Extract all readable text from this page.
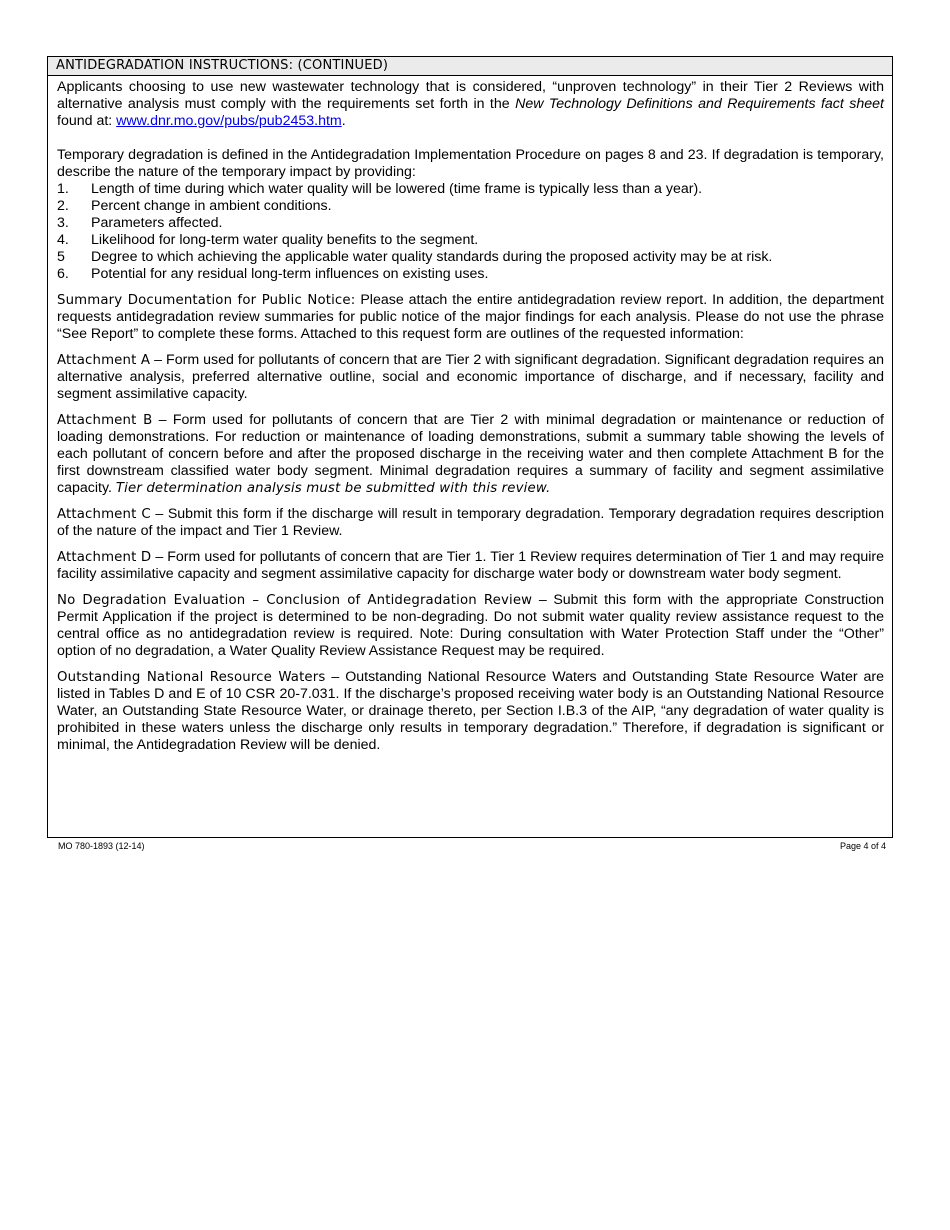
ANTIDEGRADATION INSTRUCTIONS: (CONTINUED)

Applicants choosing to use new wastewater technology that is considered, “unproven technology” in their Tier 2 Reviews with alternative analysis must comply with the requirements set forth in the New Technology Definitions and Requirements fact sheet found at: www.dnr.mo.gov/pubs/pub2453.htm.

Temporary degradation is defined in the Antidegradation Implementation Procedure on pages 8 and 23. If degradation is temporary, describe the nature of the temporary impact by providing:

1.	Length of time during which water quality will be lowered (time frame is typically less than a year).
2.	Percent change in ambient conditions.
3.	Parameters affected.
4.	Likelihood for long-term water quality benefits to the segment.
5	Degree to which achieving the applicable water quality standards during the proposed activity may be at risk.
6.	Potential for any residual long-term influences on existing uses.

Summary Documentation for Public Notice: Please attach the entire antidegradation review report. In addition, the department requests antidegradation review summaries for public notice of the major findings for each analysis. Please do not use the phrase “See Report” to complete these forms. Attached to this request form are outlines of the requested information:

Attachment A – Form used for pollutants of concern that are Tier 2 with significant degradation. Significant degradation requires an alternative analysis, preferred alternative outline, social and economic importance of discharge, and if necessary, facility and segment assimilative capacity.

Attachment B – Form used for pollutants of concern that are Tier 2 with minimal degradation or maintenance or reduction of loading demonstrations. For reduction or maintenance of loading demonstrations, submit a summary table showing the levels of each pollutant of concern before and after the proposed discharge in the receiving water and then complete Attachment B for the first downstream classified water body segment. Minimal degradation requires a summary of facility and segment assimilative capacity. Tier determination analysis must be submitted with this review.

Attachment C – Submit this form if the discharge will result in temporary degradation. Temporary degradation requires description of the nature of the impact and Tier 1 Review.

Attachment D – Form used for pollutants of concern that are Tier 1. Tier 1 Review requires determination of Tier 1 and may require facility assimilative capacity and segment assimilative capacity for discharge water body or downstream water body segment.

No Degradation Evaluation – Conclusion of Antidegradation Review – Submit this form with the appropriate Construction Permit Application if the project is determined to be non-degrading. Do not submit water quality review assistance request to the central office as no antidegradation review is required. Note: During consultation with Water Protection Staff under the “Other” option of no degradation, a Water Quality Review Assistance Request may be required.

Outstanding National Resource Waters – Outstanding National Resource Waters and Outstanding State Resource Water are listed in Tables D and E of 10 CSR 20-7.031. If the discharge’s proposed receiving water body is an Outstanding National Resource Water, an Outstanding State Resource Water, or drainage thereto, per Section I.B.3 of the AIP, “any degradation of water quality is prohibited in these waters unless the discharge only results in temporary degradation.” Therefore, if degradation is significant or minimal, the Antidegradation Review will be denied.

MO 780-1893 (12-14)	Page 4 of 4
